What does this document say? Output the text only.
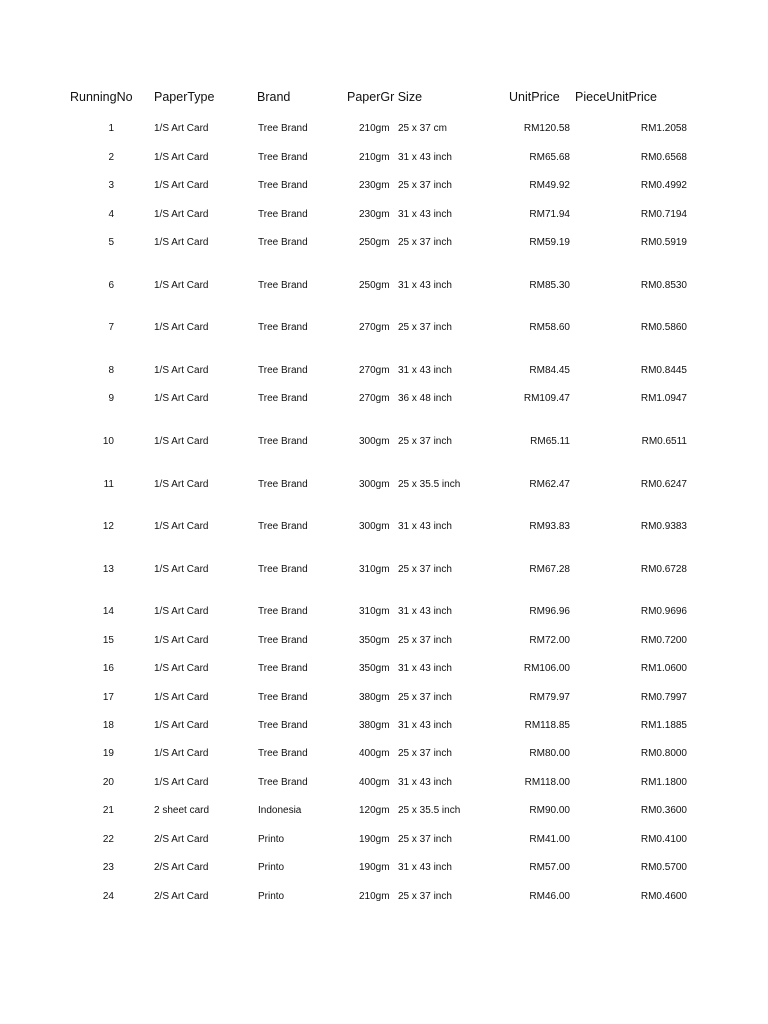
RunningNo PaperType	Brand	PaperGr Size	UnitPrice PieceUnitPrice
1	1/S Art Card	Tree Brand	210gm 25 x 37 cm	RM120.58	RM1.2058
2	1/S Art Card	Tree Brand	210gm 31 x 43 inch	RM65.68	RM0.6568
3	1/S Art Card	Tree Brand	230gm 25 x 37 inch	RM49.92	RM0.4992
4	1/S Art Card	Tree Brand	230gm 31 x 43 inch	RM71.94	RM0.7194
5	1/S Art Card	Tree Brand	250gm 25 x 37 inch	RM59.19	RM0.5919
6	1/S Art Card	Tree Brand	250gm 31 x 43 inch	RM85.30	RM0.8530
7	1/S Art Card	Tree Brand	270gm 25 x 37 inch	RM58.60	RM0.5860
8	1/S Art Card	Tree Brand	270gm 31 x 43 inch	RM84.45	RM0.8445
9	1/S Art Card	Tree Brand	270gm 36 x 48 inch	RM109.47	RM1.0947
10	1/S Art Card	Tree Brand	300gm 25 x 37 inch	RM65.11	RM0.6511
11	1/S Art Card	Tree Brand	300gm 25 x 35.5 inch	RM62.47	RM0.6247
12	1/S Art Card	Tree Brand	300gm 31 x 43 inch	RM93.83	RM0.9383
13	1/S Art Card	Tree Brand	310gm 25 x 37 inch	RM67.28	RM0.6728
14	1/S Art Card	Tree Brand	310gm 31 x 43 inch	RM96.96	RM0.9696
15	1/S Art Card	Tree Brand	350gm 25 x 37 inch	RM72.00	RM0.7200
16	1/S Art Card	Tree Brand	350gm 31 x 43 inch	RM106.00	RM1.0600
17	1/S Art Card	Tree Brand	380gm 25 x 37 inch	RM79.97	RM0.7997
18	1/S Art Card	Tree Brand	380gm 31 x 43 inch	RM118.85	RM1.1885
19	1/S Art Card	Tree Brand	400gm 25 x 37 inch	RM80.00	RM0.8000
20	1/S Art Card	Tree Brand	400gm 31 x 43 inch	RM118.00	RM1.1800
21	2 sheet card	Indonesia	120gm 25 x 35.5 inch	RM90.00	RM0.3600
22	2/S Art Card	Printo	190gm 25 x 37 inch	RM41.00	RM0.4100
23	2/S Art Card	Printo	190gm 31 x 43 inch	RM57.00	RM0.5700
24	2/S Art Card	Printo	210gm 25 x 37 inch	RM46.00	RM0.4600
